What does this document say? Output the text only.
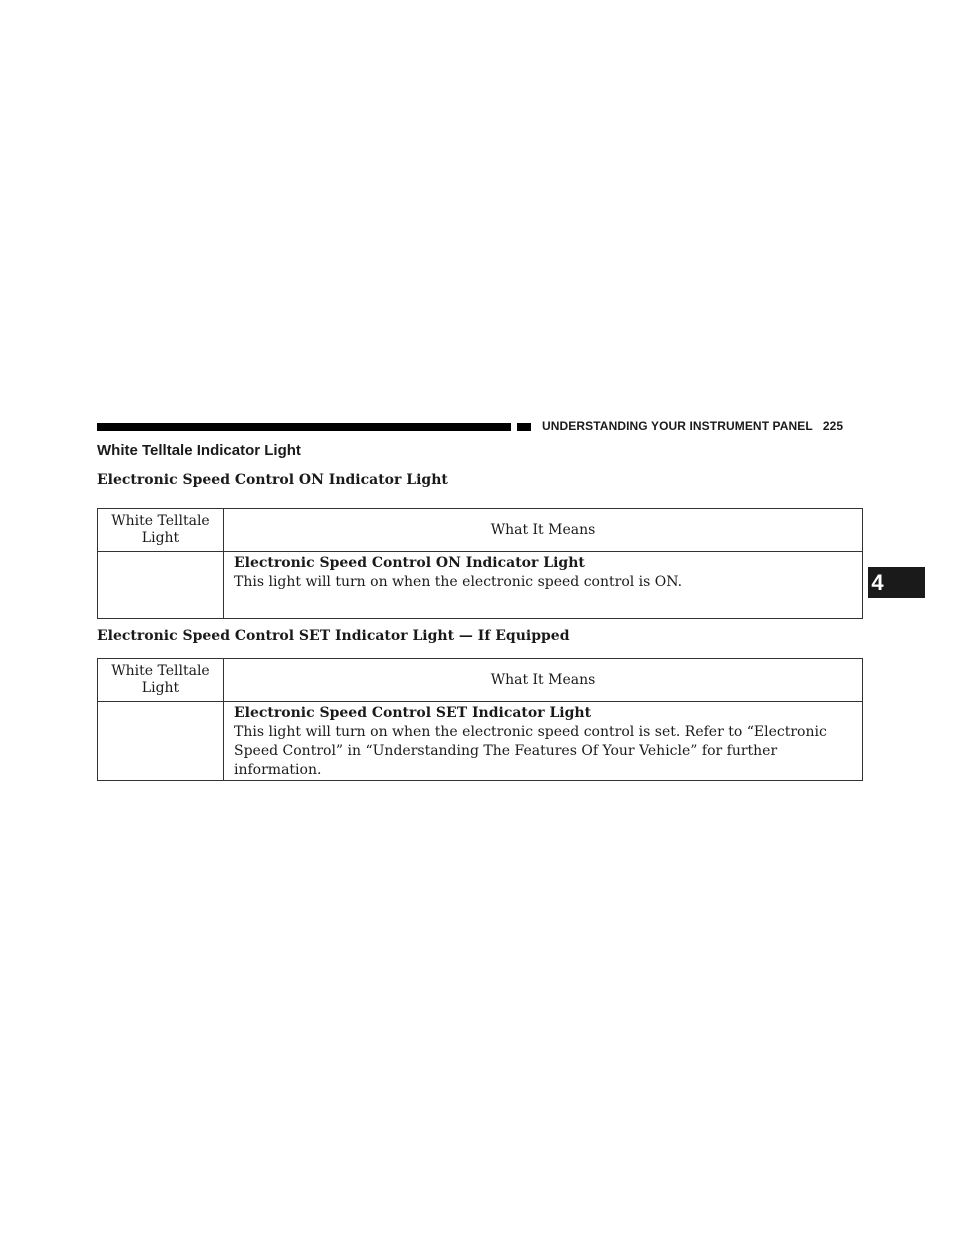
UNDERSTANDING YOUR INSTRUMENT PANEL 225
4
White Telltale Indicator Light
Electronic Speed Control ON Indicator Light
White Telltale Light	What It Means

	Electronic Speed Control ON Indicator Light
This light will turn on when the electronic speed control is ON.
Electronic Speed Control SET Indicator Light — If Equipped
White Telltale Light	What It Means

	Electronic Speed Control SET Indicator Light
This light will turn on when the electronic speed control is set. Refer to “Electronic Speed Control” in “Understanding The Features Of Your Vehicle” for further information.
